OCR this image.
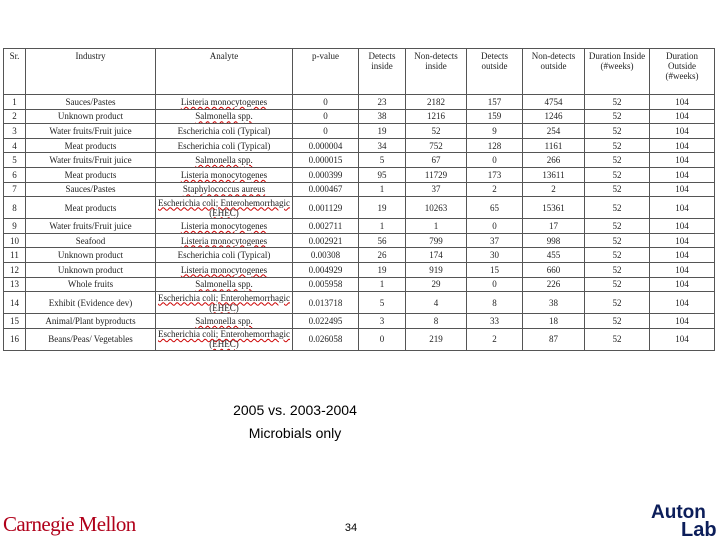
Sr.	Industry	Analyte	p-value	Detects inside	Non-detects inside	Detects outside	Non-detects outside	Duration Inside (#weeks)	Duration Outside (#weeks)
1	Sauces/Pastes	Listeria monocytogenes	0	23	2182	157	4754	52	104
2	Unknown product	Salmonella spp.	0	38	1216	159	1246	52	104
3	Water fruits/Fruit juice	Escherichia coli (Typical)	0	19	52	9	254	52	104
4	Meat products	Escherichia coli (Typical)	0.000004	34	752	128	1161	52	104
5	Water fruits/Fruit juice	Salmonella spp.	0.000015	5	67	0	266	52	104
6	Meat products	Listeria monocytogenes	0.000399	95	11729	173	13611	52	104
7	Sauces/Pastes	Staphylococcus aureus	0.000467	1	37	2	2	52	104
8	Meat products	Escherichia coli; Enterohemorrhagic (EHEC)	0.001129	19	10263	65	15361	52	104
9	Water fruits/Fruit juice	Listeria monocytogenes	0.002711	1	1	0	17	52	104
10	Seafood	Listeria monocytogenes	0.002921	56	799	37	998	52	104
11	Unknown product	Escherichia coli (Typical)	0.00308	26	174	30	455	52	104
12	Unknown product	Listeria monocytogenes	0.004929	19	919	15	660	52	104
13	Whole fruits	Salmonella spp.	0.005958	1	29	0	226	52	104
14	Exhibit (Evidence dev)	Escherichia coli; Enterohemorrhagic (EHEC)	0.013718	5	4	8	38	52	104
15	Animal/Plant byproducts	Salmonella spp.	0.022495	3	8	33	18	52	104
16	Beans/Peas/ Vegetables	Escherichia coli; Enterohemorrhagic (EHEC)	0.026058	0	219	2	87	52	104
2005 vs. 2003-2004
Microbials only
Carnegie Mellon	34
Auton
Lab
